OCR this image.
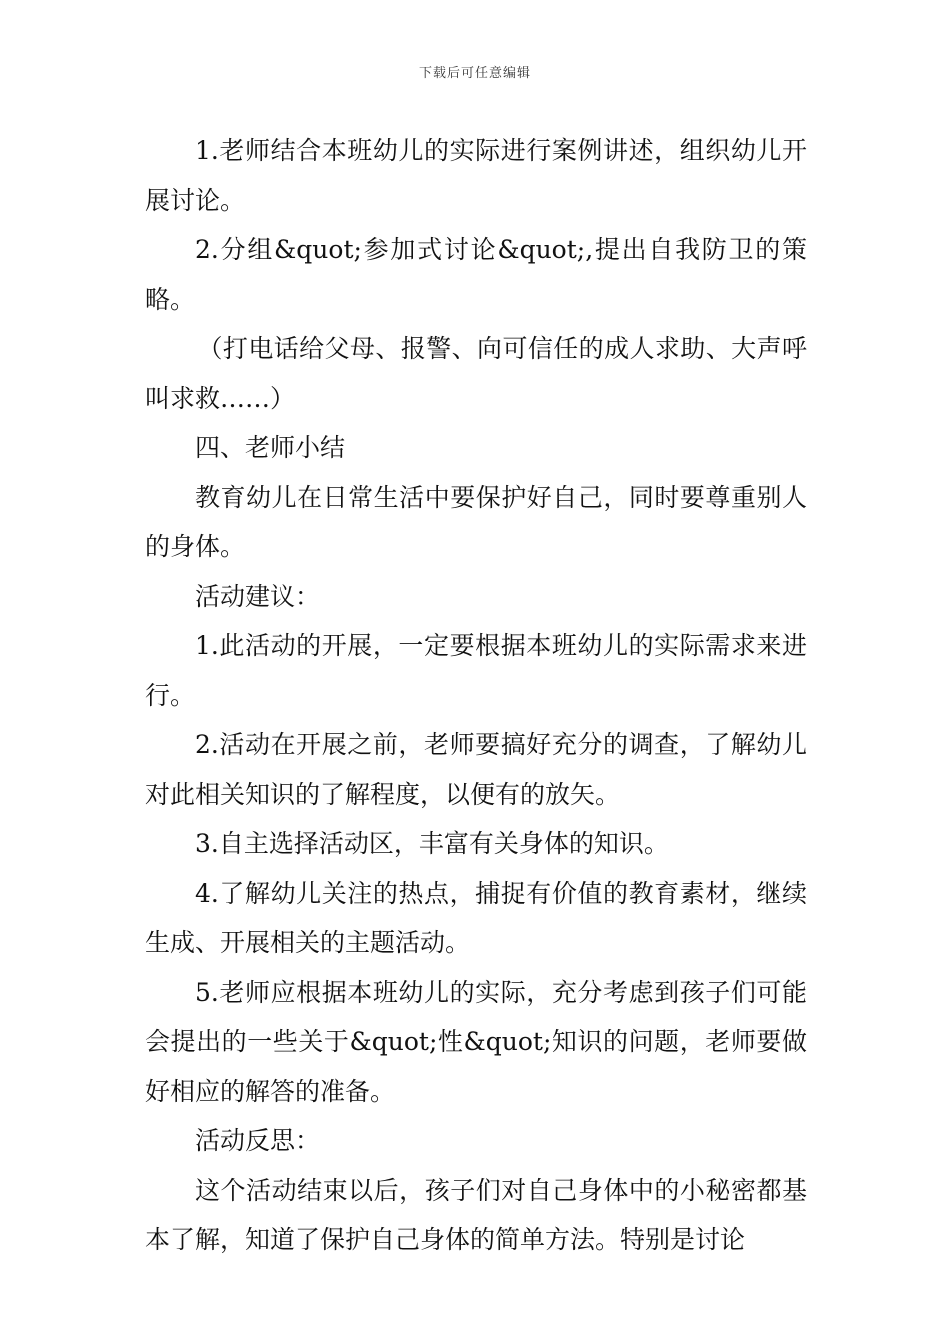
下载后可任意编辑

1.老师结合本班幼儿的实际进行案例讲述，组织幼儿开展讨论。

2.分组&quot;参加式讨论&quot;,提出自我防卫的策略。

（打电话给父母、报警、向可信任的成人求助、大声呼叫求救……）

四、老师小结

教育幼儿在日常生活中要保护好自己，同时要尊重别人的身体。

活动建议：

1.此活动的开展，一定要根据本班幼儿的实际需求来进行。

2.活动在开展之前，老师要搞好充分的调查，了解幼儿对此相关知识的了解程度，以便有的放矢。

3.自主选择活动区，丰富有关身体的知识。

4.了解幼儿关注的热点，捕捉有价值的教育素材，继续生成、开展相关的主题活动。

5.老师应根据本班幼儿的实际，充分考虑到孩子们可能会提出的一些关于&quot;性&quot;知识的问题，老师要做好相应的解答的准备。

活动反思：

这个活动结束以后，孩子们对自己身体中的小秘密都基本了解，知道了保护自己身体的简单方法。特别是讨论
